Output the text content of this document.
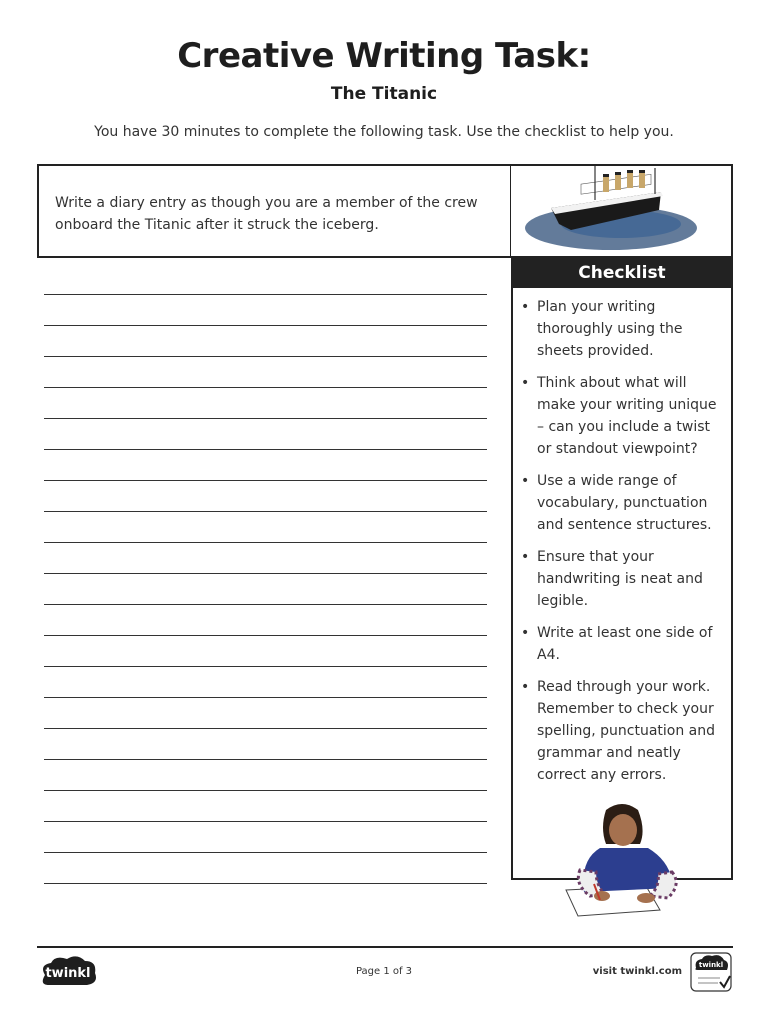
Creative Writing Task:
The Titanic
You have 30 minutes to complete the following task. Use the checklist to help you.
Write a diary entry as though you are a member of the crew onboard the Titanic after it struck the iceberg.
Checklist
• Plan your writing thoroughly using the sheets provided.
• Think about what will make your writing unique – can you include a twist or standout viewpoint?
• Use a wide range of vocabulary, punctuation and sentence structures.
• Ensure that your handwriting is neat and legible.
• Write at least one side of A4.
• Read through your work. Remember to check your spelling, punctuation and grammar and neatly correct any errors.
twinkl	Page 1 of 3	visit twinkl.com
twinkl
